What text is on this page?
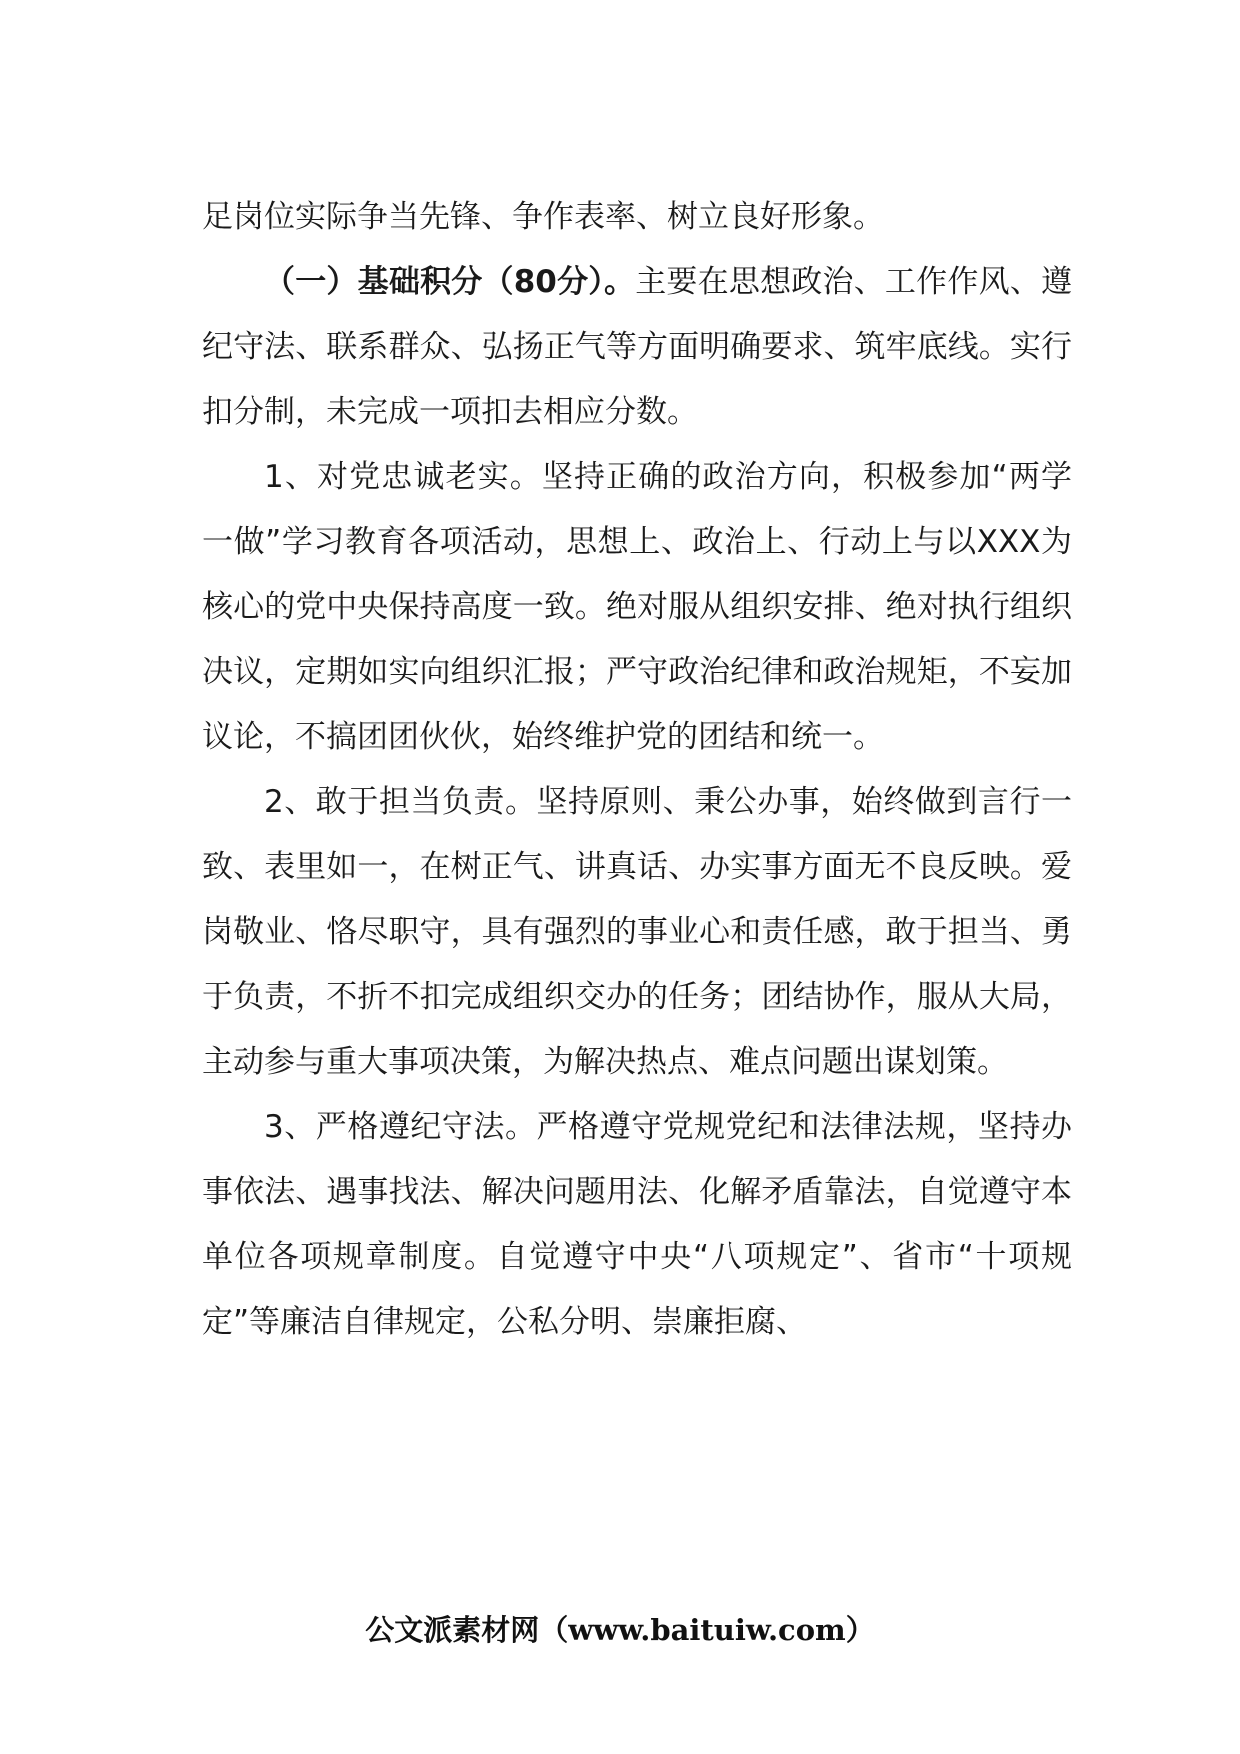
足岗位实际争当先锋、争作表率、树立良好形象。

（一）基础积分（80分）。主要在思想政治、工作作风、遵纪守法、联系群众、弘扬正气等方面明确要求、筑牢底线。实行扣分制，未完成一项扣去相应分数。

1、对党忠诚老实。坚持正确的政治方向，积极参加“两学一做”学习教育各项活动，思想上、政治上、行动上与以XXX为核心的党中央保持高度一致。绝对服从组织安排、绝对执行组织决议，定期如实向组织汇报；严守政治纪律和政治规矩，不妄加议论，不搞团团伙伙，始终维护党的团结和统一。

2、敢于担当负责。坚持原则、秉公办事，始终做到言行一致、表里如一，在树正气、讲真话、办实事方面无不良反映。爱岗敬业、恪尽职守，具有强烈的事业心和责任感，敢于担当、勇于负责，不折不扣完成组织交办的任务；团结协作，服从大局，主动参与重大事项决策，为解决热点、难点问题出谋划策。

3、严格遵纪守法。严格遵守党规党纪和法律法规，坚持办事依法、遇事找法、解决问题用法、化解矛盾靠法，自觉遵守本单位各项规章制度。自觉遵守中央“八项规定”、省市“十项规定”等廉洁自律规定，公私分明、崇廉拒腐、

公文派素材网（www.baituiw.com）
